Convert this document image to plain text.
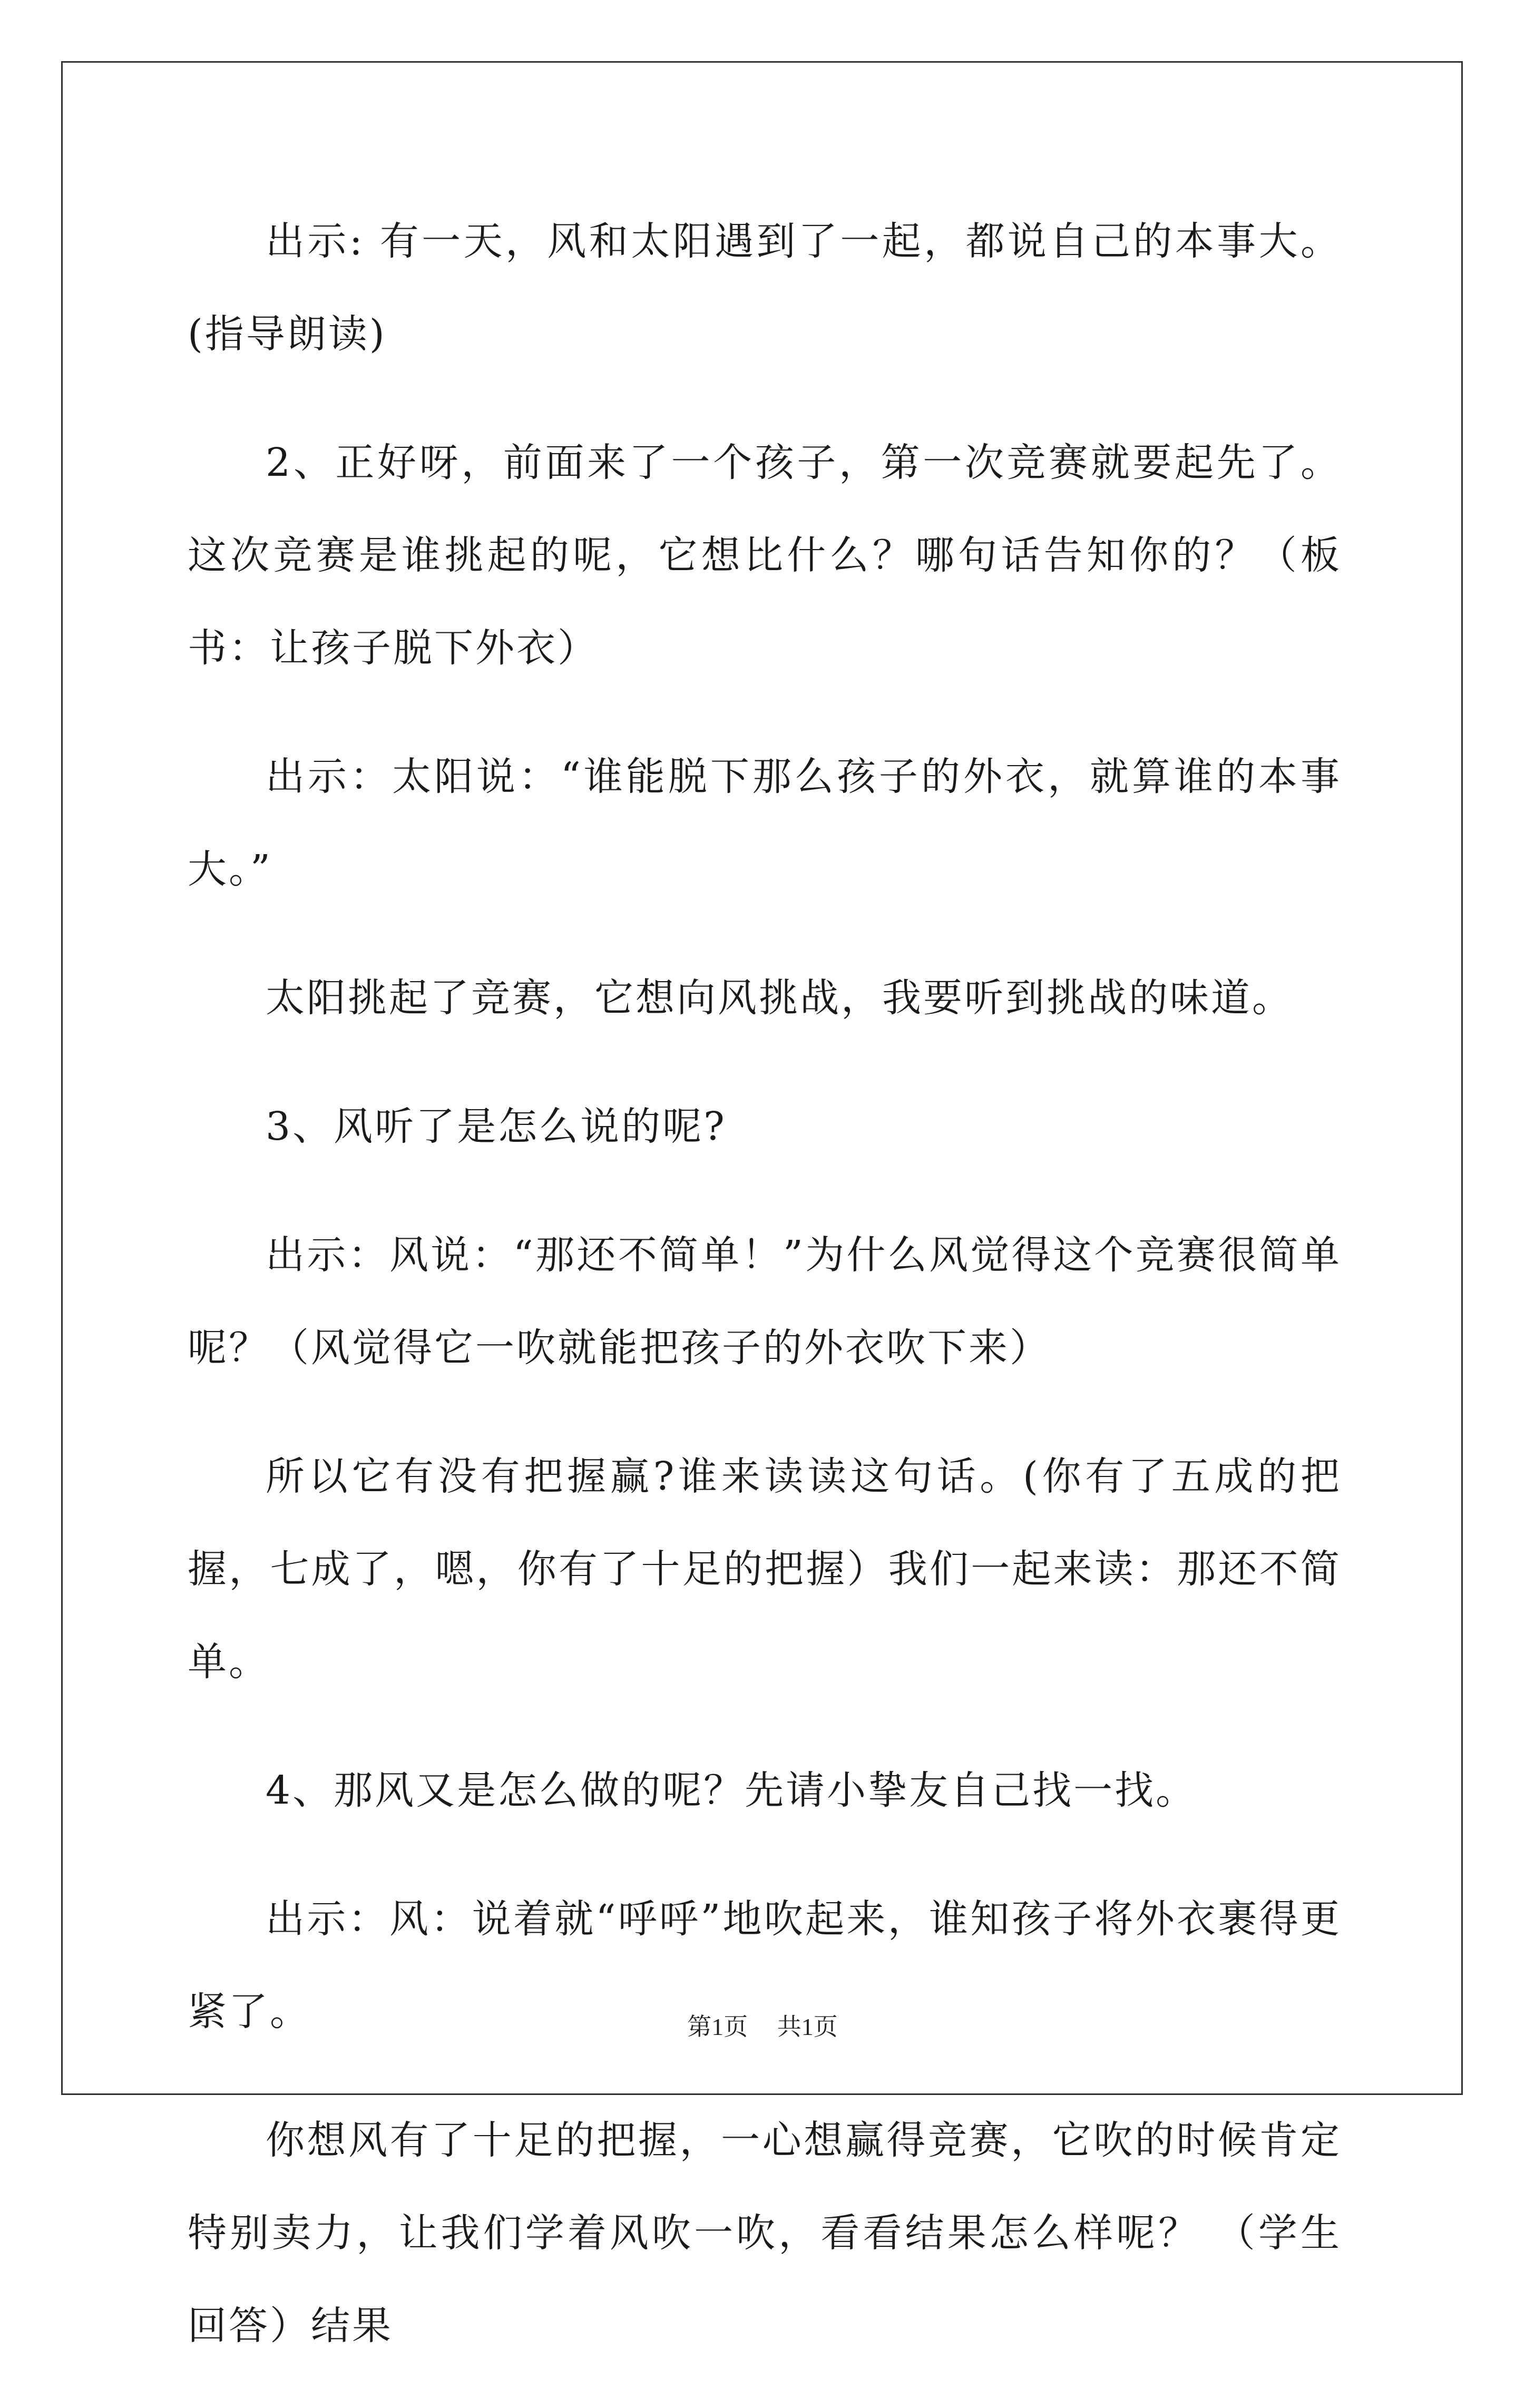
出示: 有一天，风和太阳遇到了一起，都说自己的本事大。(指导朗读)

2、正好呀，前面来了一个孩子，第一次竞赛就要起先了。这次竞赛是谁挑起的呢，它想比什么？哪句话告知你的？（板书：让孩子脱下外衣）

出示：太阳说：“谁能脱下那么孩子的外衣，就算谁的本事大。”

太阳挑起了竞赛，它想向风挑战，我要听到挑战的味道。

3、风听了是怎么说的呢?

出示：风说：“那还不简单！”为什么风觉得这个竞赛很简单呢？（风觉得它一吹就能把孩子的外衣吹下来）

所以它有没有把握赢?谁来读读这句话。(你有了五成的把握，七成了，嗯，你有了十足的把握）我们一起来读：那还不简单。

4、那风又是怎么做的呢？先请小挚友自己找一找。

出示：风：说着就“呼呼”地吹起来，谁知孩子将外衣裹得更紧了。

你想风有了十足的把握，一心想赢得竞赛，它吹的时候肯定特别卖力，让我们学着风吹一吹，看看结果怎么样呢？ （学生回答）结果

第1页 共1页
